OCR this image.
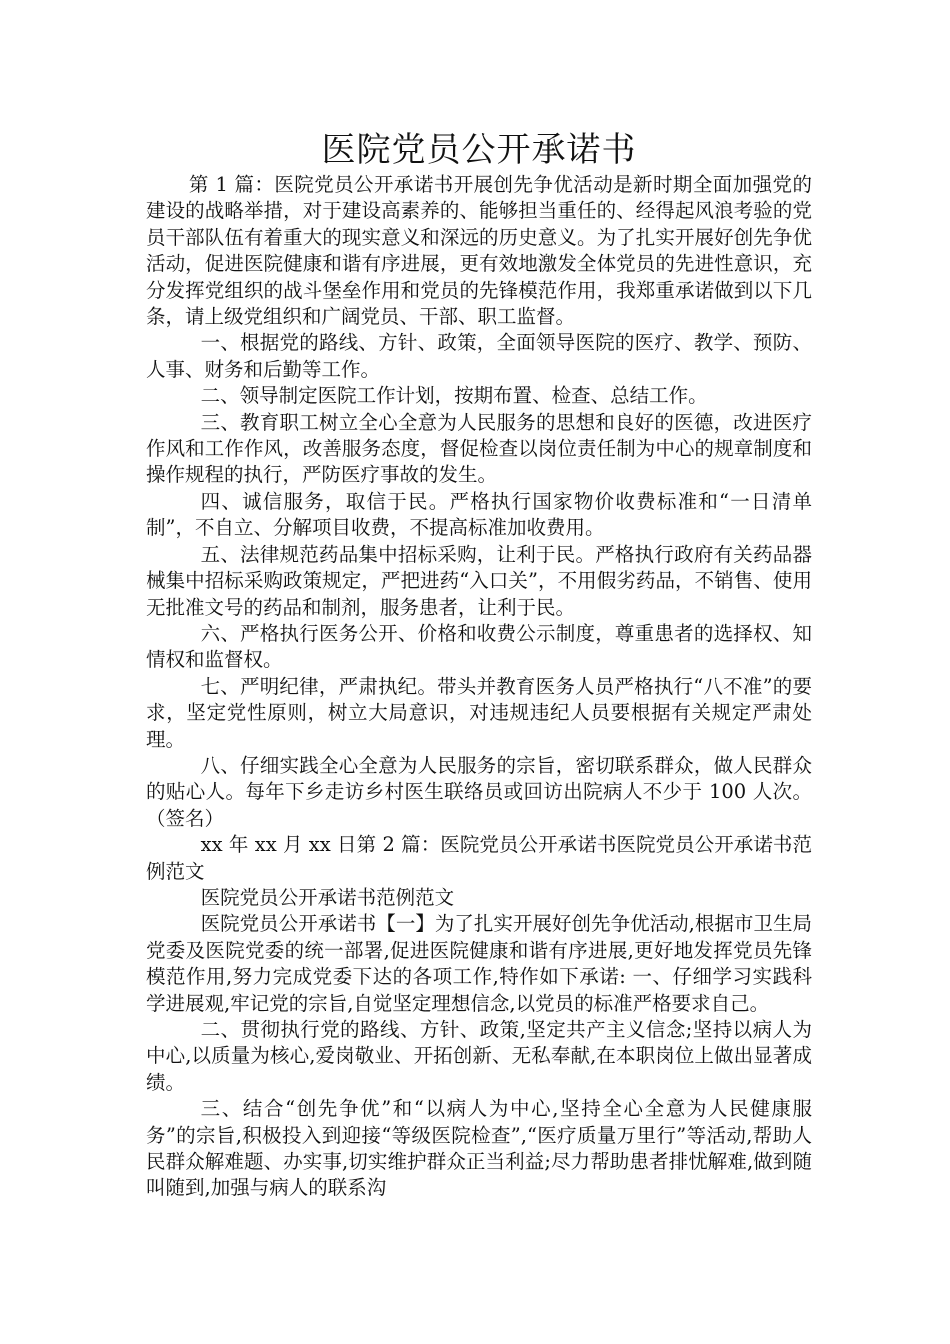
医院党员公开承诺书

第 1 篇：医院党员公开承诺书开展创先争优活动是新时期全面加强党的建设的战略举措，对于建设高素养的、能够担当重任的、经得起风浪考验的党员干部队伍有着重大的现实意义和深远的历史意义。为了扎实开展好创先争优活动，促进医院健康和谐有序进展，更有效地激发全体党员的先进性意识，充分发挥党组织的战斗堡垒作用和党员的先锋模范作用，我郑重承诺做到以下几条，请上级党组织和广阔党员、干部、职工监督。

一、根据党的路线、方针、政策，全面领导医院的医疗、教学、预防、人事、财务和后勤等工作。

二、领导制定医院工作计划，按期布置、检查、总结工作。

三、教育职工树立全心全意为人民服务的思想和良好的医德，改进医疗作风和工作作风，改善服务态度，督促检查以岗位责任制为中心的规章制度和操作规程的执行，严防医疗事故的发生。

四、诚信服务，取信于民。严格执行国家物价收费标准和“一日清单制”，不自立、分解项目收费，不提高标准加收费用。

五、法律规范药品集中招标采购，让利于民。严格执行政府有关药品器械集中招标采购政策规定，严把进药“入口关”，不用假劣药品，不销售、使用无批准文号的药品和制剂，服务患者，让利于民。

六、严格执行医务公开、价格和收费公示制度，尊重患者的选择权、知情权和监督权。

七、严明纪律，严肃执纪。带头并教育医务人员严格执行“八不准”的要求，坚定党性原则，树立大局意识，对违规违纪人员要根据有关规定严肃处理。

八、仔细实践全心全意为人民服务的宗旨，密切联系群众，做人民群众的贴心人。每年下乡走访乡村医生联络员或回访出院病人不少于 100 人次。 （签名）

xx 年 xx 月 xx 日第 2 篇：医院党员公开承诺书医院党员公开承诺书范例范文

医院党员公开承诺书范例范文

医院党员公开承诺书【一】为了扎实开展好创先争优活动,根据市卫生局党委及医院党委的统一部署,促进医院健康和谐有序进展,更好地发挥党员先锋模范作用,努力完成党委下达的各项工作,特作如下承诺: 一、仔细学习实践科学进展观,牢记党的宗旨,自觉坚定理想信念,以党员的标准严格要求自己。

二、贯彻执行党的路线、方针、政策,坚定共产主义信念;坚持以病人为中心,以质量为核心,爱岗敬业、开拓创新、无私奉献,在本职岗位上做出显著成绩。

三、结合“创先争优”和“以病人为中心,坚持全心全意为人民健康服务”的宗旨,积极投入到迎接“等级医院检查”,“医疗质量万里行”等活动,帮助人民群众解难题、办实事,切实维护群众正当利益;尽力帮助患者排忧解难,做到随叫随到,加强与病人的联系沟
